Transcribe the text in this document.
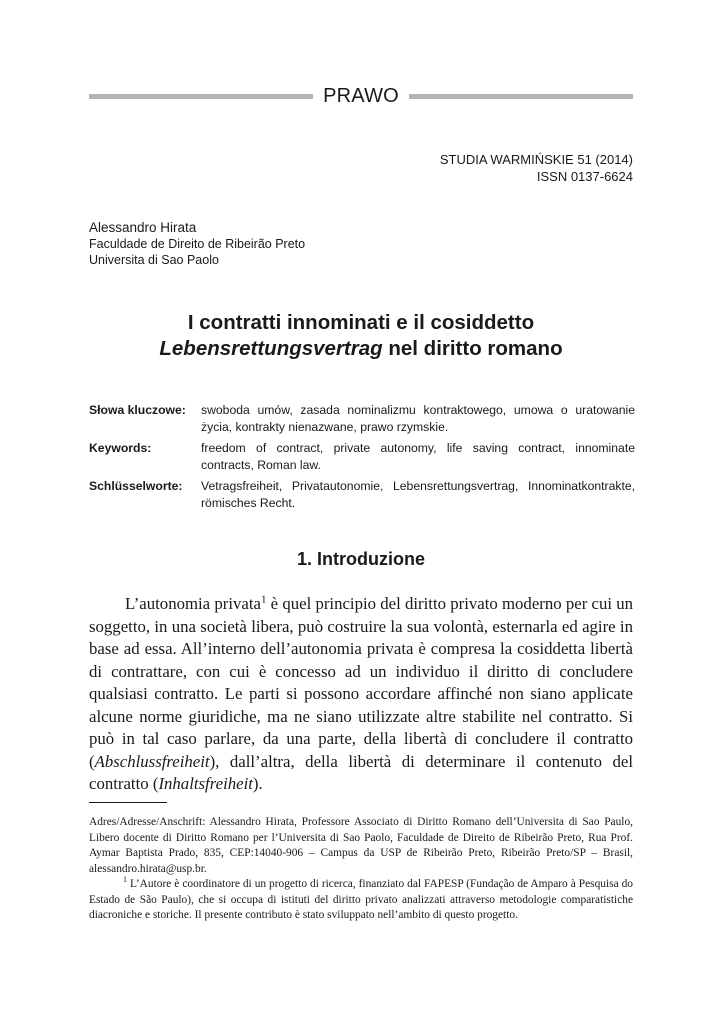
PRAWO
STUDIA WARMIŃSKIE 51 (2014)
ISSN 0137-6624
Alessandro Hirata
Faculdade de Direito de Ribeirão Preto
Universita di Sao Paolo
I contratti innominati e il cosiddetto
Lebensrettungsvertrag nel diritto romano
Słowa kluczowe:	swoboda umów, zasada nominalizmu kontraktowego, umowa o uratowanie życia, kontrakty nienazwane, prawo rzymskie.
Keywords:	freedom of contract, private autonomy, life saving contract, innominate contracts, Roman law.
Schlüsselworte:	Vetragsfreiheit, Privatautonomie, Lebensrettungsvertrag, Innominatkontrakte, römisches Recht.
1. Introduzione

L’autonomia privata$^1$ è quel principio del diritto privato moderno per cui un soggetto, in una società libera, può costruire la sua volontà, esternarla ed agire in base ad essa. All’interno dell’autonomia privata è compresa la cosiddetta libertà di contrattare, con cui è concesso ad un individuo il diritto di concludere qualsiasi contratto. Le parti si possono accordare affinché non siano applicate alcune norme giuridiche, ma ne siano utilizzate altre stabilite nel contratto. Si può in tal caso parlare, da una parte, della libertà di concludere il contratto (Abschlussfreiheit), dall’altra, della libertà di determinare il contenuto del contratto (Inhaltsfreiheit).

Adres/Adresse/Anschrift: Alessandro Hirata, Professore Associato di Diritto Romano dell’Universita di Sao Paulo, Libero docente di Diritto Romano per l’Universita di Sao Paolo, Faculdade de Direito de Ribeirão Preto, Rua Prof. Aymar Baptista Prado, 835, CEP:14040-906 – Campus da USP de Ribeirão Preto, Ribeirão Preto/SP – Brasil, alessandro.hirata@usp.br.

$^1$ L’Autore è coordinatore di un progetto di ricerca, finanziato dal FAPESP (Fundação de Amparo à Pesquisa do Estado de São Paulo), che si occupa di istituti del diritto privato analizzati attraverso metodologie comparatistiche diacroniche e storiche. Il presente contributo è stato sviluppato nell’ambito di questo progetto.
